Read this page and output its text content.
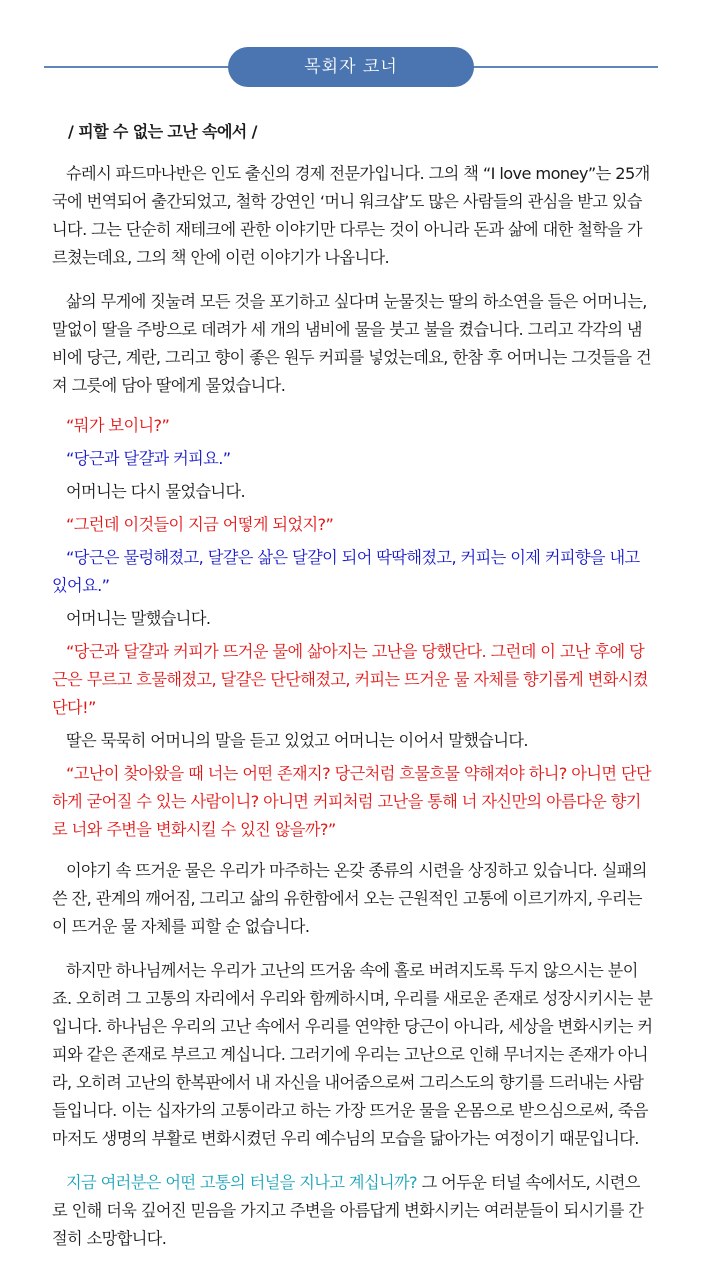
목회자 코너

/ 피할 수 없는 고난 속에서 /

슈레시 파드마나반은 인도 출신의 경제 전문가입니다. 그의 책 “I love money”는 25개국에 번역되어 출간되었고, 철학 강연인 ‘머니 워크샵’도 많은 사람들의 관심을 받고 있습니다. 그는 단순히 재테크에 관한 이야기만 다루는 것이 아니라 돈과 삶에 대한 철학을 가르쳤는데요, 그의 책 안에 이런 이야기가 나옵니다.

삶의 무게에 짓눌려 모든 것을 포기하고 싶다며 눈물짓는 딸의 하소연을 들은 어머니는, 말없이 딸을 주방으로 데려가 세 개의 냄비에 물을 붓고 불을 켰습니다. 그리고 각각의 냄비에 당근, 계란, 그리고 향이 좋은 원두 커피를 넣었는데요, 한참 후 어머니는 그것들을 건져 그릇에 담아 딸에게 물었습니다.

“뭐가 보이니?”

“당근과 달걀과 커피요.”

어머니는 다시 물었습니다.

“그런데 이것들이 지금 어떻게 되었지?”

“당근은 물렁해졌고, 달걀은 삶은 달걀이 되어 딱딱해졌고, 커피는 이제 커피향을 내고 있어요.”

어머니는 말했습니다.

“당근과 달걀과 커피가 뜨거운 물에 삶아지는 고난을 당했단다. 그런데 이 고난 후에 당근은 무르고 흐물해졌고, 달걀은 단단해졌고, 커피는 뜨거운 물 자체를 향기롭게 변화시켰단다!”

딸은 묵묵히 어머니의 말을 듣고 있었고 어머니는 이어서 말했습니다.

“고난이 찾아왔을 때 너는 어떤 존재지? 당근처럼 흐물흐물 약해져야 하니? 아니면 단단하게 굳어질 수 있는 사람이니? 아니면 커피처럼 고난을 통해 너 자신만의 아름다운 향기로 너와 주변을 변화시킬 수 있진 않을까?”

이야기 속 뜨거운 물은 우리가 마주하는 온갖 종류의 시련을 상징하고 있습니다. 실패의 쓴 잔, 관계의 깨어짐, 그리고 삶의 유한함에서 오는 근원적인 고통에 이르기까지, 우리는 이 뜨거운 물 자체를 피할 순 없습니다.

하지만 하나님께서는 우리가 고난의 뜨거움 속에 홀로 버려지도록 두지 않으시는 분이죠. 오히려 그 고통의 자리에서 우리와 함께하시며, 우리를 새로운 존재로 성장시키시는 분입니다. 하나님은 우리의 고난 속에서 우리를 연약한 당근이 아니라, 세상을 변화시키는 커피와 같은 존재로 부르고 계십니다. 그러기에 우리는 고난으로 인해 무너지는 존재가 아니라, 오히려 고난의 한복판에서 내 자신을 내어줌으로써 그리스도의 향기를 드러내는 사람들입니다. 이는 십자가의 고통이라고 하는 가장 뜨거운 물을 온몸으로 받으심으로써, 죽음마저도 생명의 부활로 변화시켰던 우리 예수님의 모습을 닮아가는 여정이기 때문입니다.

지금 여러분은 어떤 고통의 터널을 지나고 계십니까? 그 어두운 터널 속에서도, 시련으로 인해 더욱 깊어진 믿음을 가지고 주변을 아름답게 변화시키는 여러분들이 되시기를 간절히 소망합니다.
